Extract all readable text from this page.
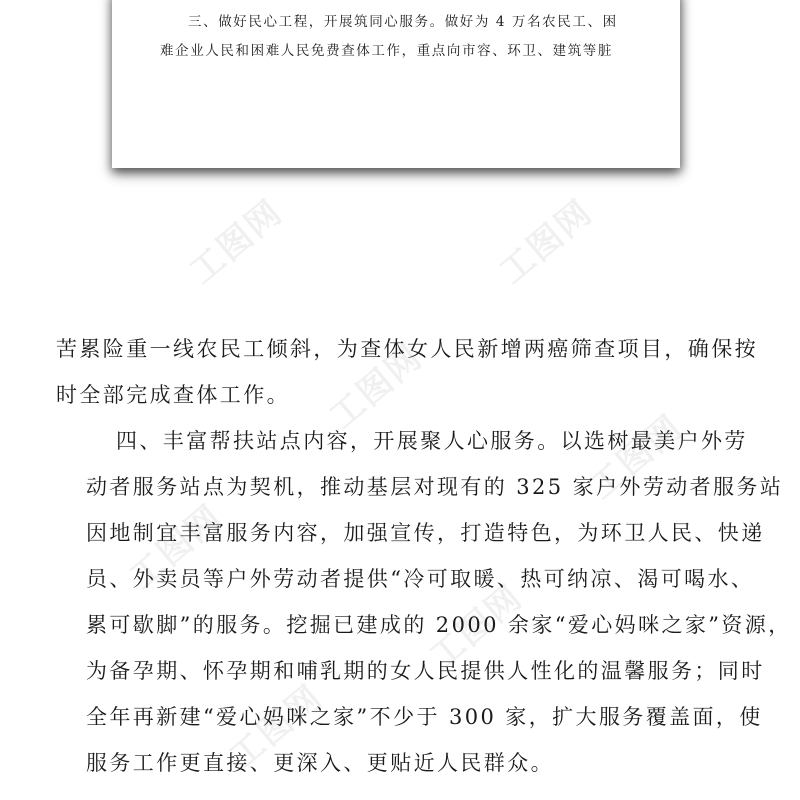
三、做好民心工程，开展筑同心服务。做好为 4 万名农民工、困
难企业人民和困难人民免费查体工作，重点向市容、环卫、建筑等脏

工图网	工图网
工图网
工图网
工图网
工图网
工图网

苦累险重一线农民工倾斜，为查体女人民新增两癌筛查项目，确保按
时全部完成查体工作。
四、丰富帮扶站点内容，开展聚人心服务。以选树最美户外劳
动者服务站点为契机，推动基层对现有的 325 家户外劳动者服务站
因地制宜丰富服务内容，加强宣传，打造特色，为环卫人民、快递
员、外卖员等户外劳动者提供“冷可取暖、热可纳凉、渴可喝水、
累可歇脚”的服务。挖掘已建成的 2000 余家“爱心妈咪之家”资源，
为备孕期、怀孕期和哺乳期的女人民提供人性化的温馨服务；同时
全年再新建“爱心妈咪之家”不少于 300 家，扩大服务覆盖面，使
服务工作更直接、更深入、更贴近人民群众。
